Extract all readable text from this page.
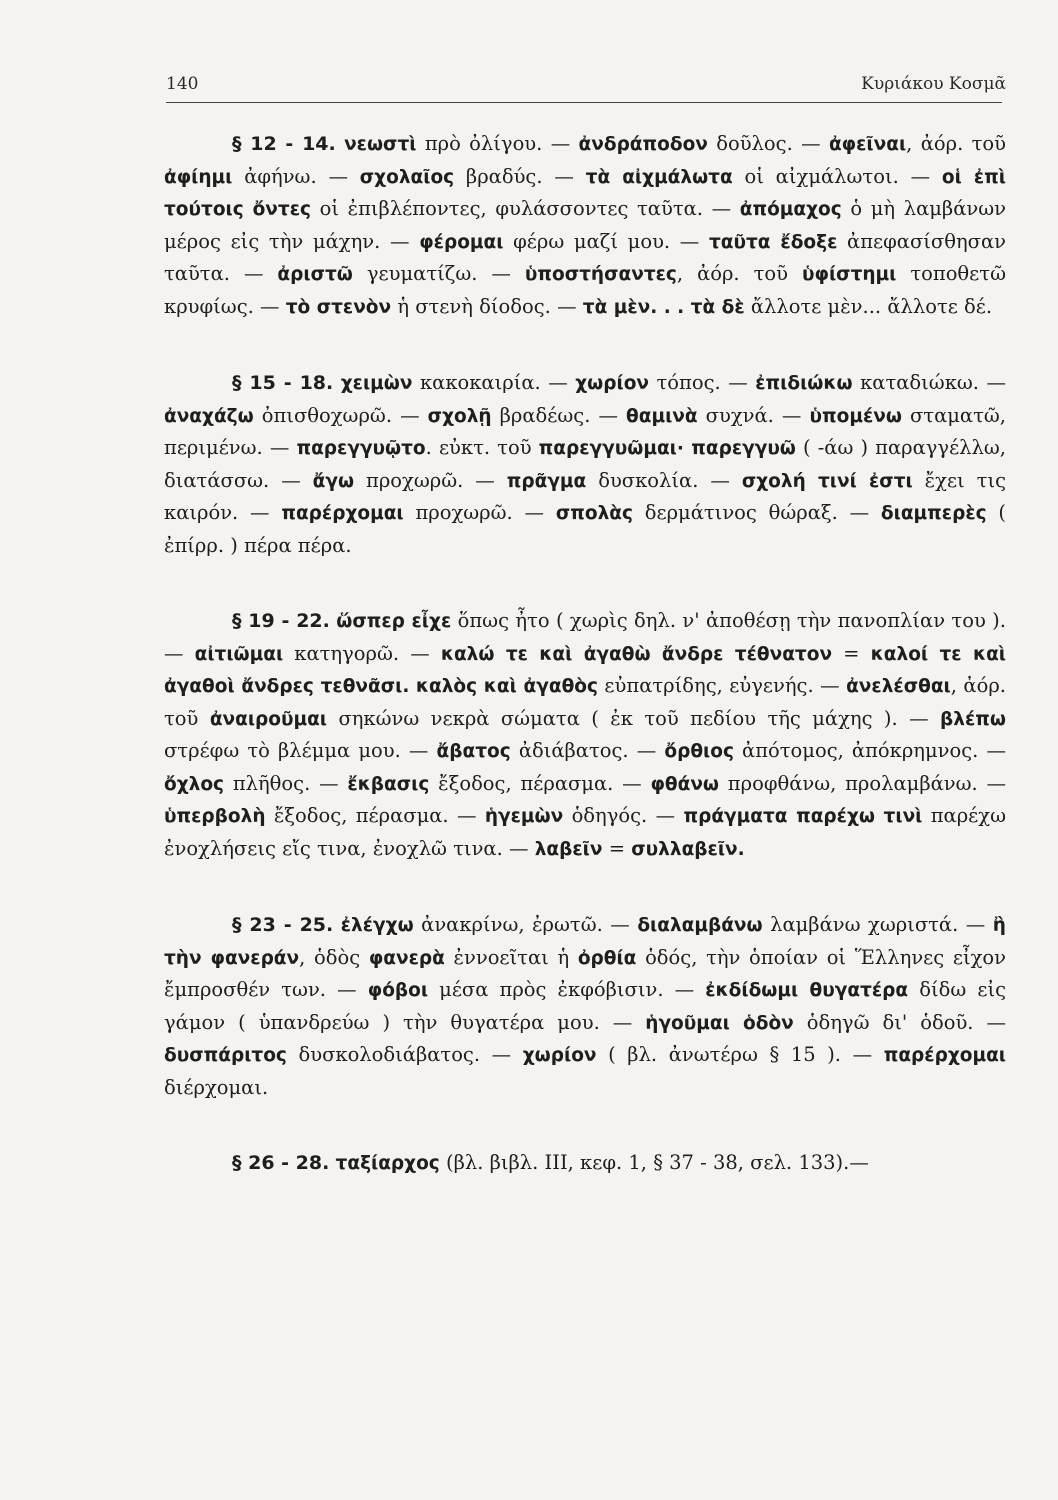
140	Κυριάκου Κοσμᾶ

§ 12 - 14. νεωστὶ πρὸ ὀλίγου. — ἀνδράποδον δοῦλος. — ἀφεῖναι, ἀόρ. τοῦ ἀφίημι ἀφήνω. — σχολαῖος βραδύς. — τὰ αἰχμάλωτα οἱ αἰχμάλωτοι. — οἱ ἐπὶ τούτοις ὄντες οἱ ἐπιβλέποντες, φυλάσσοντες ταῦτα. — ἀπόμαχος ὁ μὴ λαμβάνων μέρος εἰς τὴν μάχην. — φέρομαι φέρω μαζί μου. — ταῦτα ἔδοξε ἀπεφασίσθησαν ταῦτα. — ἀριστῶ γευματίζω. — ὑποστήσαντες, ἀόρ. τοῦ ὑφίστημι τοποθετῶ κρυφίως. — τὸ στενὸν ἡ στενὴ δίοδος. — τὰ μὲν. . . τὰ δὲ ἄλλοτε μὲν... ἄλλοτε δέ.

§ 15 - 18. χειμὼν κακοκαιρία. — χωρίον τόπος. — ἐπιδιώκω καταδιώκω. — ἀναχάζω ὀπισθοχωρῶ. — σχολῇ βραδέως. — θαμινὰ συχνά. — ὑπομένω σταματῶ, περιμένω. — παρεγγυῷτο. εὐκτ. τοῦ παρεγγυῶμαι· παρεγγυῶ ( -άω ) παραγγέλλω, διατάσσω. — ἄγω προχωρῶ. — πρᾶγμα δυσκολία. — σχολή τινί ἐστι ἔχει τις καιρόν. — παρέρχομαι προχωρῶ. — σπολὰς δερμάτινος θώραξ. — διαμπερὲς ( ἐπίρρ. ) πέρα πέρα.

§ 19 - 22. ὥσπερ εἶχε ὅπως ἦτο ( χωρὶς δηλ. ν' ἀποθέσῃ τὴν πανοπλίαν του ). — αἰτιῶμαι κατηγορῶ. — καλώ τε καὶ ἀγαθὼ ἄνδρε τέθνατον = καλοί τε καὶ ἀγαθοὶ ἄνδρες τεθνᾶσι. καλὸς καὶ ἀγαθὸς εὐπατρίδης, εὐγενής. — ἀνελέσθαι, ἀόρ. τοῦ ἀναιροῦμαι σηκώνω νεκρὰ σώματα ( ἐκ τοῦ πεδίου τῆς μάχης ). — βλέπω στρέφω τὸ βλέμμα μου. — ἄβατος ἀδιάβατος. — ὄρθιος ἀπότομος, ἀπόκρημνος. — ὄχλος πλῆθος. — ἔκβασις ἔξοδος, πέρασμα. — φθάνω προφθάνω, προλαμβάνω. — ὑπερβολὴ ἔξοδος, πέρασμα. — ἡγεμὼν ὁδηγός. — πράγματα παρέχω τινὶ παρέχω ἐνοχλήσεις εἴς τινα, ἐνοχλῶ τινα. — λαβεῖν = συλλαβεῖν.

§ 23 - 25. ἐλέγχω ἀνακρίνω, ἐρωτῶ. — διαλαμβάνω λαμβάνω χωριστά. — ἢ τὴν φανεράν, ὁδὸς φανερὰ ἐννοεῖται ἡ ὀρθία ὁδός, τὴν ὁποίαν οἱ Ἕλληνες εἶχον ἔμπροσθέν των. — φόβοι μέσα πρὸς ἐκφόβισιν. — ἐκδίδωμι θυγατέρα δίδω εἰς γάμον ( ὑπανδρεύω ) τὴν θυγατέρα μου. — ἡγοῦμαι ὁδὸν ὁδηγῶ δι' ὁδοῦ. — δυσπάριτος δυσκολοδιάβατος. — χωρίον ( βλ. ἀνωτέρω § 15 ). — παρέρχομαι διέρχομαι.

§ 26 - 28. ταξίαρχος (βλ. βιβλ. III, κεφ. 1, § 37 - 38, σελ. 133).—
